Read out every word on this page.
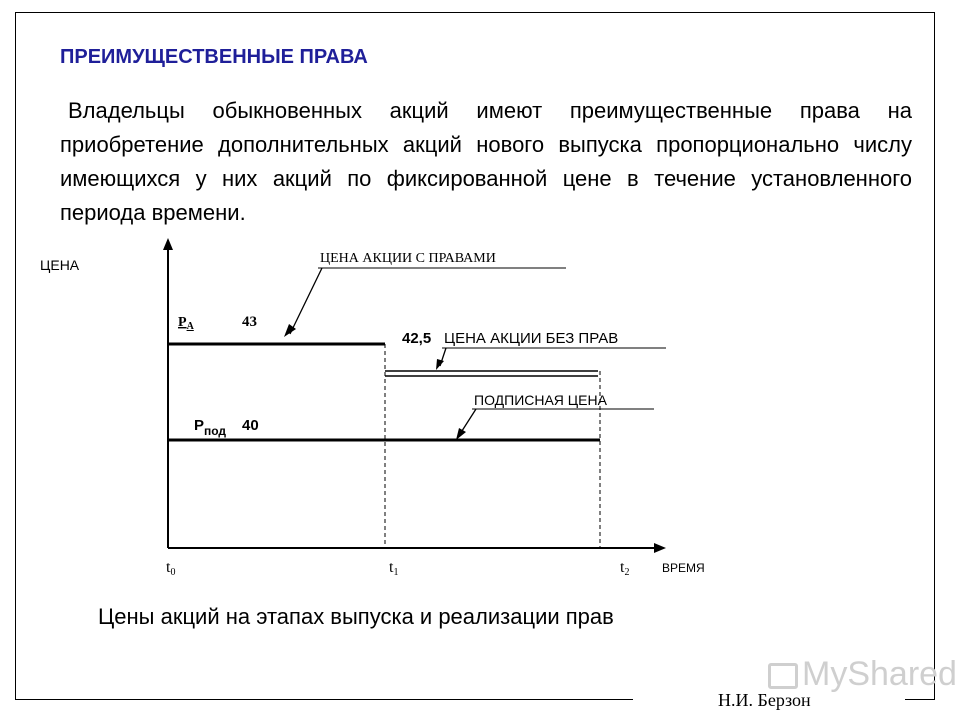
ПРЕИМУЩЕСТВЕННЫЕ ПРАВА
Владельцы обыкновенных акций имеют преимущественные права на приобретение дополнительных акций нового выпуска пропорционально числу имеющихся у них акций по фиксированной цене в течение установленного периода времени.
ЦЕНА
ВРЕМЯ
t0	t1	t2
$P_A$	43
$P_{под}$ 40
ЦЕНА АКЦИИ С ПРАВАМИ
42,5 ЦЕНА АКЦИИ БЕЗ ПРАВ
ПОДПИСНАЯ ЦЕНА
Цены акций на этапах выпуска и реализации прав
MyShared
Н.И. Берзон
